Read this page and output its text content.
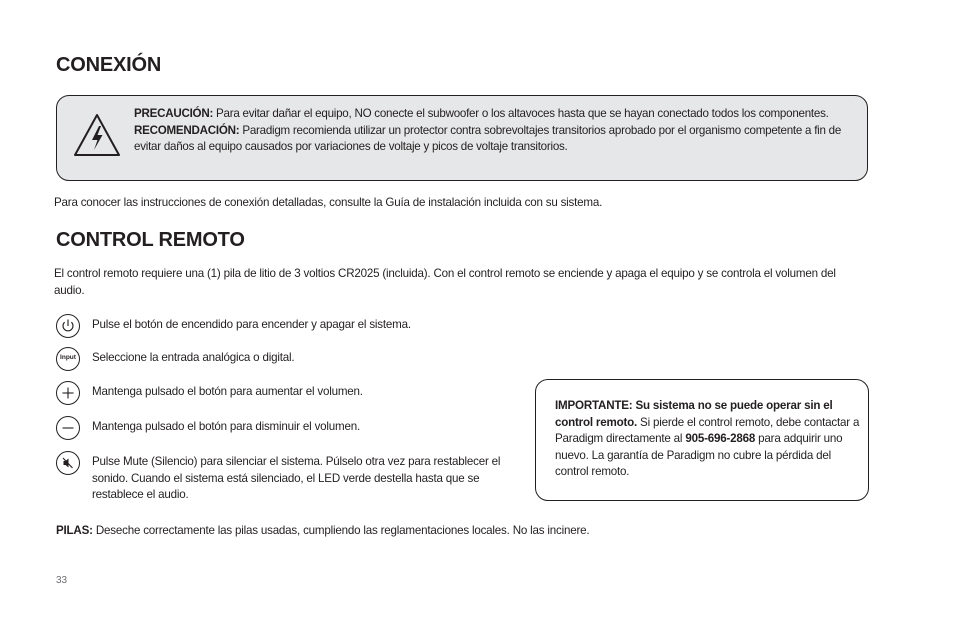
CONEXIÓN
PRECAUCIÓN: Para evitar dañar el equipo, NO conecte el subwoofer o los altavoces hasta que se hayan conectado todos los componentes.
RECOMENDACIÓN: Paradigm recomienda utilizar un protector contra sobrevoltajes transitorios aprobado por el organismo competente a fin de evitar daños al equipo causados por variaciones de voltaje y picos de voltaje transitorios.
Para conocer las instrucciones de conexión detalladas, consulte la Guía de instalación incluida con su sistema.
CONTROL REMOTO
El control remoto requiere una (1) pila de litio de 3 voltios CR2025 (incluida). Con el control remoto se enciende y apaga el equipo y se controla el volumen del audio.
Pulse el botón de encendido para encender y apagar el sistema.
Input Seleccione la entrada analógica o digital.
Mantenga pulsado el botón para aumentar el volumen.
Mantenga pulsado el botón para disminuir el volumen.
Pulse Mute (Silencio) para silenciar el sistema. Púlselo otra vez para restablecer el sonido. Cuando el sistema está silenciado, el LED verde destella hasta que se restablece el audio.
IMPORTANTE: Su sistema no se puede operar sin el control remoto. Si pierde el control remoto, debe contactar a Paradigm directamente al 905-696-2868 para adquirir uno nuevo. La garantía de Paradigm no cubre la pérdida del control remoto.
PILAS: Deseche correctamente las pilas usadas, cumpliendo las reglamentaciones locales. No las incinere.
33
